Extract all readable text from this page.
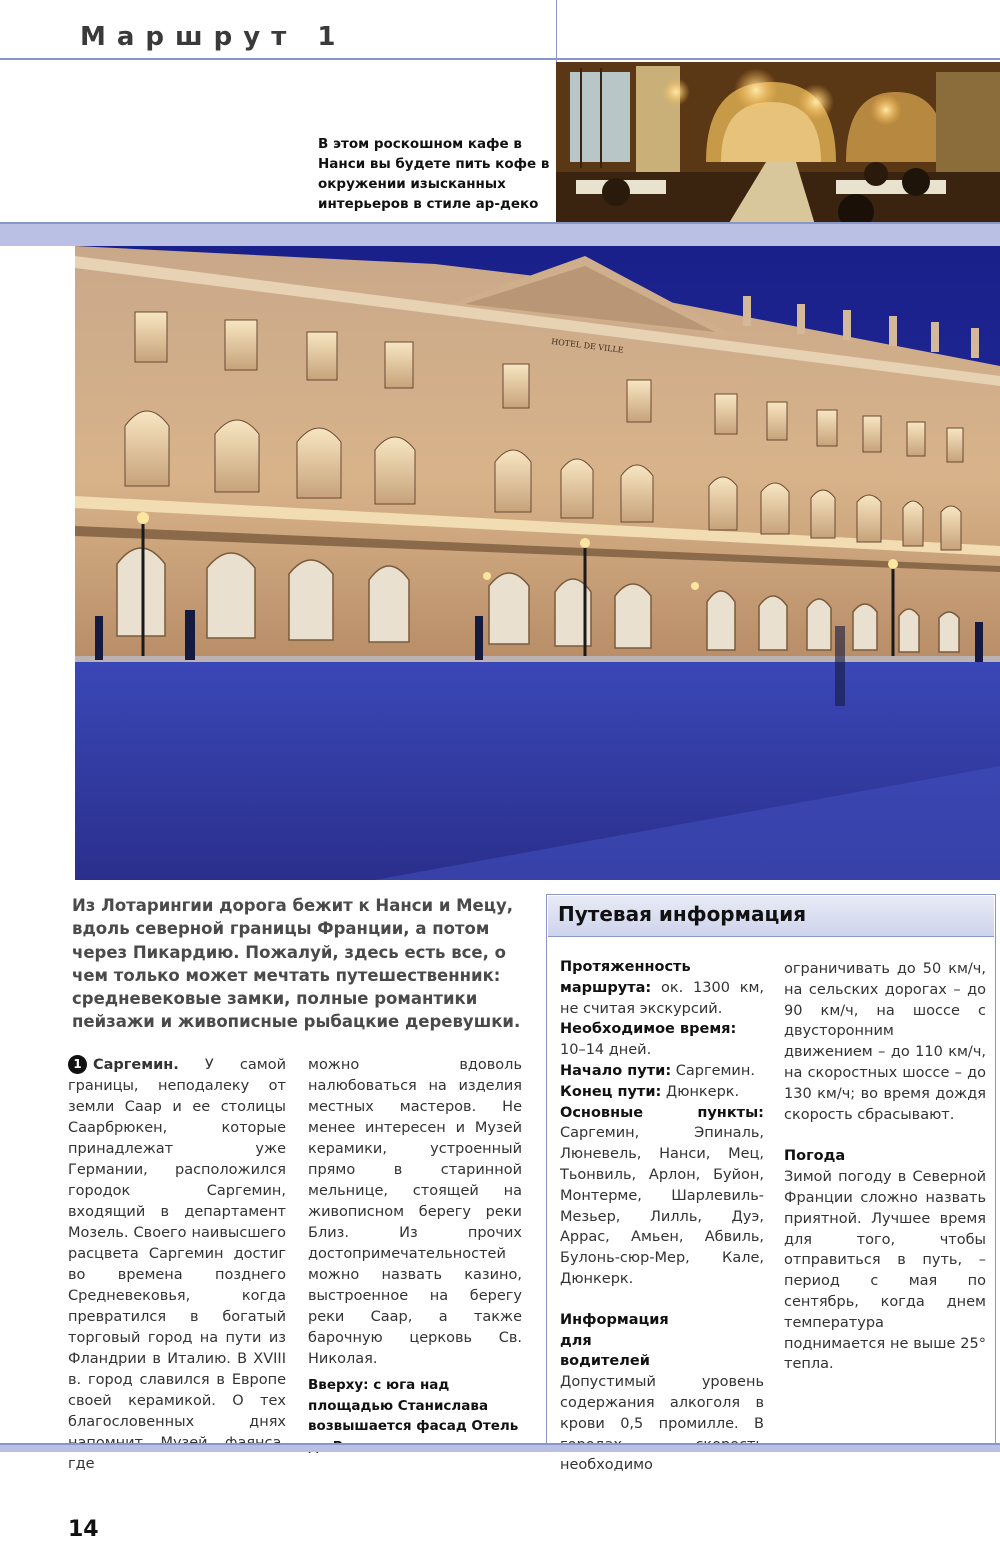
Маршрут 1
В этом роскошном кафе в Нанси вы будете пить кофе в окружении изысканных интерьеров в стиле ар-деко
HOTEL DE VILLE
Из Лотарингии дорога бежит к Нанси и Мецу, вдоль северной границы Франции, а потом через Пикардию. Пожалуй, здесь есть все, о чем только может мечтать путешественник: средневековые замки, полные романтики пейзажи и живописные рыбацкие деревушки.
1 Саргемин. У самой границы, неподалеку от земли Саар и ее столицы Саарбрюкен, которые принадлежат уже Германии, расположился городок Саргемин, входящий в департамент Мозель. Своего наивысшего расцвета Саргемин достиг во времена позднего Средневековья, когда превратился в богатый торговый город на пути из Фландрии в Италию. В XVIII в. город славился в Европе своей керамикой. О тех благословенных днях где
можно вдоволь налюбоваться на изделия местных мастеров. Не менее интересен и Музей керамики, устроенный прямо в старинной мельнице, стоящей на живописном берегу реки Близ. Из прочих достопримечательностей можно назвать казино, выстроенное на берегу реки Саар, а также барочную церковь Св. Николая.
Вверху: с юга над площадью Станислава возвышается фасад Отель
Путевая информация
Протяженность маршрута: ок. 1300 км, не считая экскурсий.
Необходимое время:
10–14 дней.
Начало пути: Саргемин.
Конец пути: Дюнкерк.
Основные пункты: Саргемин, Эпиналь, Люневель, Нанси, Мец, Тьонвиль, Арлон, Буйон, Монтерме, Шарлевиль-Мезьер, Лилль, Дуэ, Аррас, Амьен, Абвиль, Булонь-сюр-Мер, Кале, Дюнкерк.
Информация для водителей
Допустимый уровень содержания алкоголя в крови 0,5 промилле. В необходимо
ограничивать до 50 км/ч, на сельских дорогах – до 90 км/ч, на шоссе с двусторонним движением – до 110 км/ч, на скоростных шоссе – до 130 км/ч; во время дождя скорость сбрасывают.
Погода
Зимой погоду в Северной Франции сложно назвать приятной. Лучшее время для того, чтобы отправиться в путь, – период с мая по сентябрь, когда днем температура поднимается не выше 25° тепла.
14
